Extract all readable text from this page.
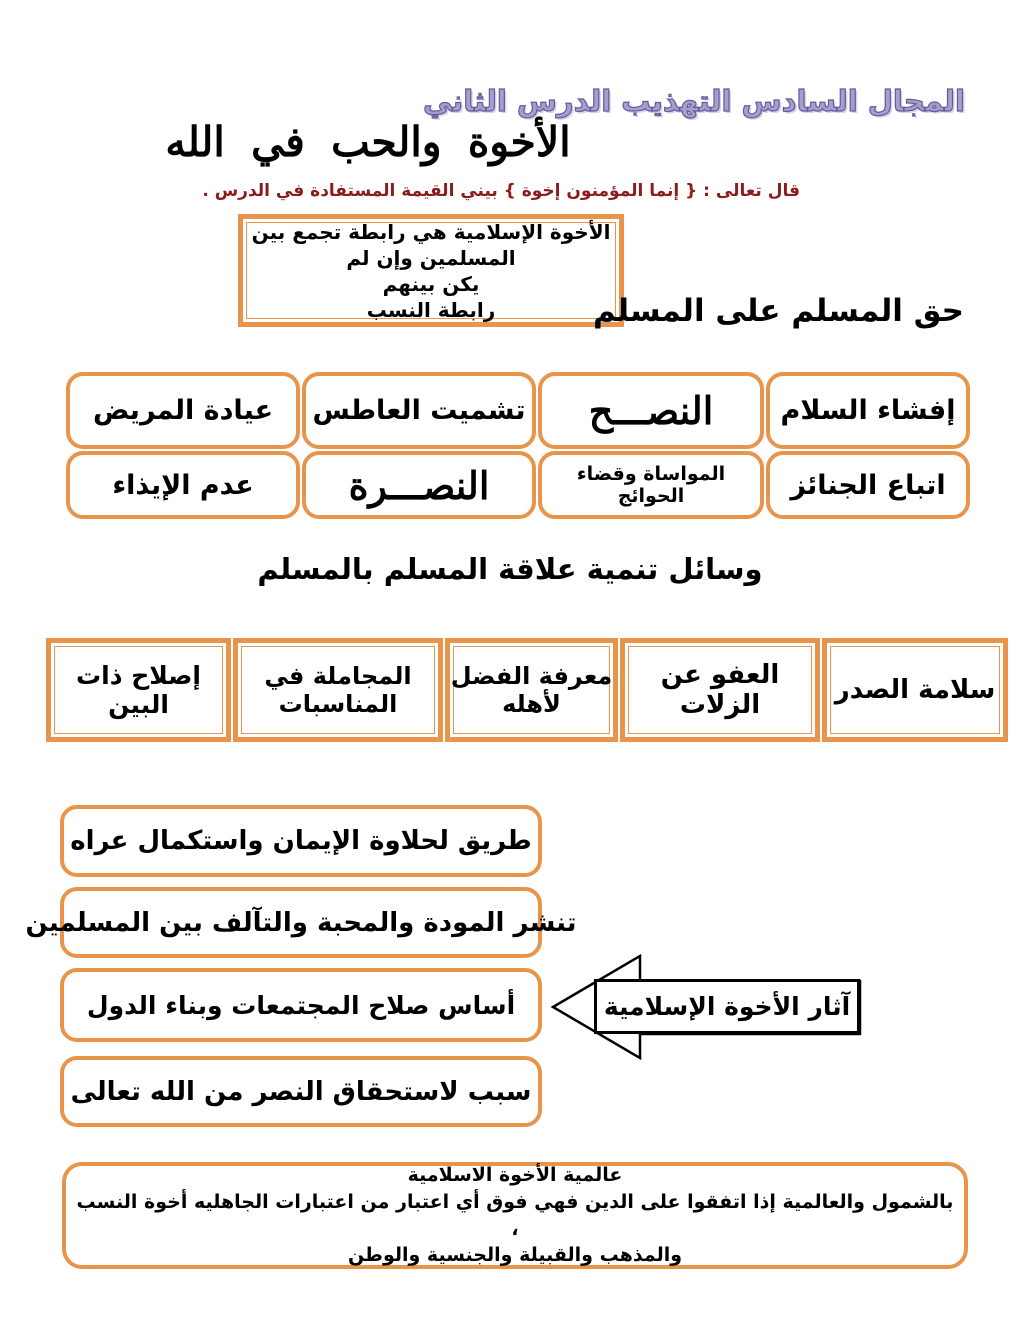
المجال السادس التهذيب الدرس الثاني
الأخوة والحب في الله
قال تعالى : { إنما المؤمنون إخوة } بيني القيمة المستفادة في الدرس .
الأخوة الإسلامية هي رابطة تجمع بين
المسلمين وإن لم
يكن بينهم
رابطة النسب	حق المسلم على المسلم
إفشاء السلام
النصـــح
تشميت العاطس
عيادة المريض
اتباع الجنائز
المواساة وقضاء الحوائج
النصـــرة
عدم الإيذاء
وسائل تنمية علاقة المسلم بالمسلم
سلامة الصدر
العفو عن الزلات
معرفة الفضل لأهله
المجاملة في المناسبات
إصلاح ذات البين
طريق لحلاوة الإيمان واستكمال عراه
تنشر المودة والمحبة والتآلف بين المسلمين
أساس صلاح المجتمعات وبناء الدول
سبب لاستحقاق النصر من الله تعالى
آثار الأخوة الإسلامية
عالمية الأخوة الاسلامية
بالشمول والعالمية إذا اتفقوا على الدين فهي فوق أي اعتبار من اعتبارات الجاهليه أخوة النسب ،
والمذهب والقبيلة والجنسية والوطن
